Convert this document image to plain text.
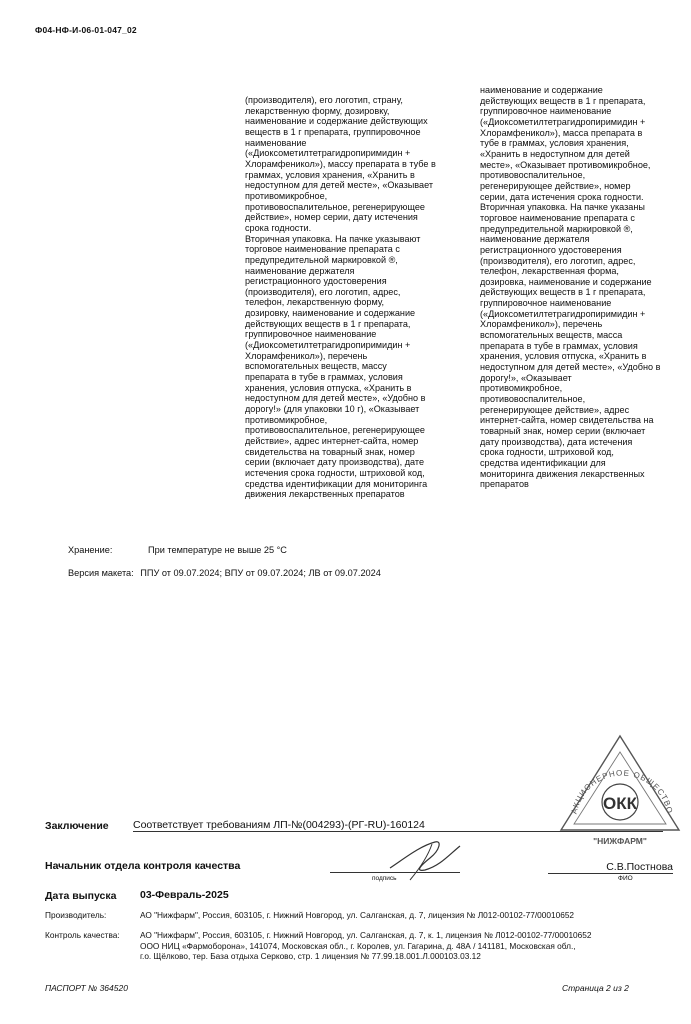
Ф04-НФ-И-06-01-047_02
(производителя), его логотип, страну,
лекарственную форму, дозировку,
наименование и содержание действующих
веществ в 1 г препарата, группировочное
наименование
(«Диоксометилтетрагидропиримидин +
Хлорамфеникол»), массу препарата в тубе в
граммах, условия хранения, «Хранить в
недоступном для детей месте», «Оказывает
противомикробное,
противовоспалительное, регенерирующее
действие», номер серии, дату истечения
срока годности.
Вторичная упаковка. На пачке указывают
торговое наименование препарата с
предупредительной маркировкой ®,
наименование держателя
регистрационного удостоверения
(производителя), его логотип, адрес,
телефон, лекарственную форму,
дозировку, наименование и содержание
действующих веществ в 1 г препарата,
группировочное наименование
(«Диоксометилтетрагидропиримидин +
Хлорамфеникол»), перечень
вспомогательных веществ, массу
препарата в тубе в граммах, условия
хранения, условия отпуска, «Хранить в
недоступном для детей месте», «Удобно в
дорогу!» (для упаковки 10 г), «Оказывает
противомикробное,
противовоспалительное, регенерирующее
действие», адрес интернет-сайта, номер
свидетельства на товарный знак, номер
серии (включает дату производства), дате
истечения срока годности, штриховой код,
средства идентификации для мониторинга
движения лекарственных препаратов
наименование и содержание
действующих веществ в 1 г препарата,
группировочное наименование
(«Диоксометилтетрагидропиримидин +
Хлорамфеникол»), масса препарата в
тубе в граммах, условия хранения,
«Хранить в недоступном для детей
месте», «Оказывает противомикробное,
противовоспалительное,
регенерирующее действие», номер
серии, дата истечения срока годности.
Вторичная упаковка. На пачке указаны
торговое наименование препарата с
предупредительной маркировкой ®,
наименование держателя
регистрационного удостоверения
(производителя), его логотип, адрес,
телефон, лекарственная форма,
дозировка, наименование и содержание
действующих веществ в 1 г препарата,
группировочное наименование
(«Диоксометилтетрагидропиримидин +
Хлорамфеникол»), перечень
вспомогательных веществ, масса
препарата в тубе в граммах, условия
хранения, условия отпуска, «Хранить в
недоступном для детей месте», «Удобно в
дорогу!», «Оказывает
противомикробное,
противовоспалительное,
регенерирующее действие», адрес
интернет-сайта, номер свидетельства на
товарный знак, номер серии (включает
дату производства), дата истечения
срока годности, штриховой код,
средства идентификации для
мониторинга движения лекарственных
препаратов
Хранение:	При температуре не выше 25 °С
Версия макета: ППУ от 09.07.2024; ВПУ от 09.07.2024; ЛВ от 09.07.2024
ОКК
АКЦИОНЕРНОЕ ОБЩЕСТВО
"НИЖФАРМ"
Заключение Соответствует требованиям ЛП-№(004293)-(РГ-RU)-160124
Начальник отдела контроля качества
подпись
С.В.Постнова
ФИО
Дата выпуска 03-Февраль-2025
Производитель:	АО "Нижфарм", Россия, 603105, г. Нижний Новгород, ул. Салганская, д. 7, лицензия № Л012-00102-77/00010652
Контроль качества: АО "Нижфарм", Россия, 603105, г. Нижний Новгород, ул. Салганская, д. 7, к. 1, лицензия № Л012-00102-77/00010652
ООО НИЦ «Фармоборона», 141074, Московская обл., г. Королев, ул. Гагарина, д. 48А / 141181, Московская обл.,
г.о. Щёлково, тер. База отдыха Серково, стр. 1 лицензия № 77.99.18.001.Л.000103.03.12
ПАСПОРТ № 364520	Страница 2 из 2
